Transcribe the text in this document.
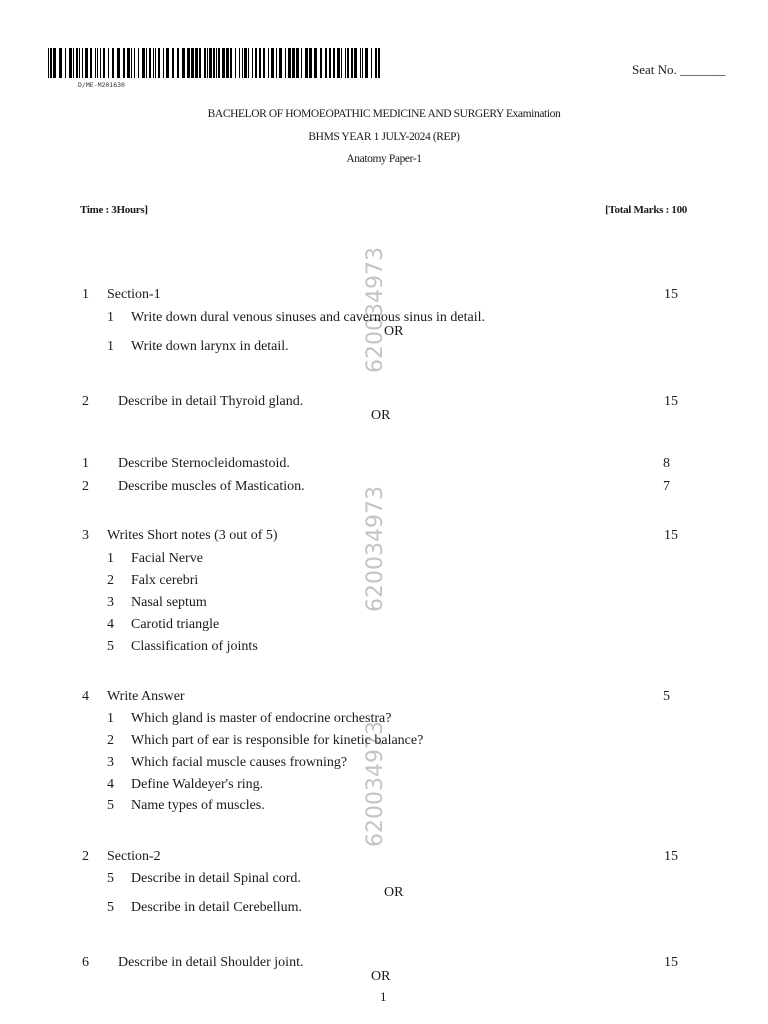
D/ME-M201630
Seat No. _______
BACHELOR OF HOMOEOPATHIC MEDICINE AND SURGERY Examination
BHMS YEAR 1 JULY-2024 (REP)
Anatomy Paper-1
Time : 3Hours]	[Total Marks : 100
620034973
620034973
620034973
1 Section-1	15
1 Write down dural venous sinuses and cavernous sinus in detail.
OR
1 Write down larynx in detail.
2 Describe in detail Thyroid gland.	15
OR
1 Describe Sternocleidomastoid.	8
2 Describe muscles of Mastication.	7
3 Writes Short notes (3 out of 5)	15
1 Facial Nerve
2 Falx cerebri
3 Nasal septum
4 Carotid triangle
5 Classification of joints
4 Write Answer	5
1 Which gland is master of endocrine orchestra?
2 Which part of ear is responsible for kinetic balance?
3 Which facial muscle causes frowning?
4 Define Waldeyer's ring.
5 Name types of muscles.
2 Section-2	15
5 Describe in detail Spinal cord.
OR
5 Describe in detail Cerebellum.
6 Describe in detail Shoulder joint.	15
OR
1
